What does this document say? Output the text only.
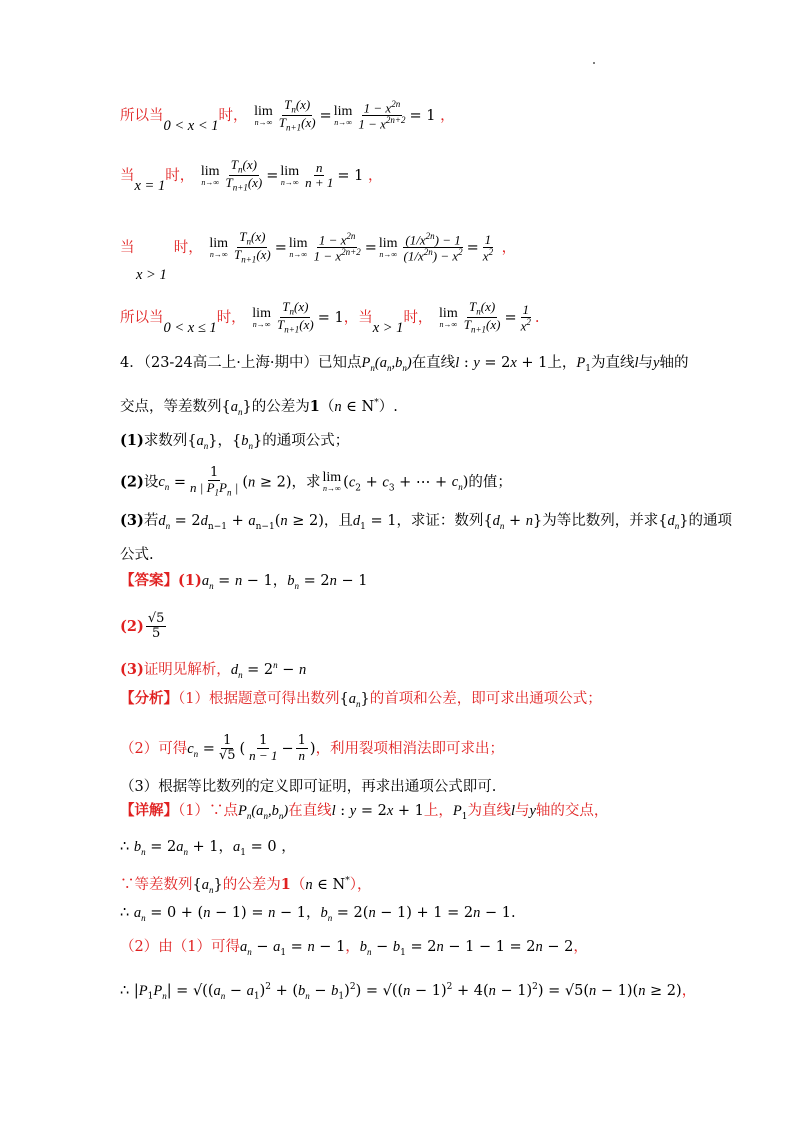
所以当0 < x < 1时， lim
$n\to\infty \frac{T_n(x)}{T_{n+1}(x)} = \lim$
$n\to\infty \frac{1 - x^{2n}}{1 - x^{2n+2}} = 1$ ，
当x = 1时， lim
$n\to\infty \frac{T_n(x)}{T_{n+1}(x)} = \lim$
$n\to\infty \frac{n}{n + 1} = 1$ ，
当	时， lim
$n\to\infty \frac{T_n(x)}{T_{n+1}(x)} = \lim$
$n\to\infty \frac{1 - x^{2n}}{1 - x^{2n+2}} = \lim$
$n\to\infty \frac{(1/x^{2n}) - 1}{(1/x^{2n}) - x^2} = \frac{1}{x^2}$ ，
x > 1
所以当0 < x ≤ 1时， lim
$n\to\infty \frac{T_n(x)}{T_{n+1}(x)} = 1$，当x > 1时， lim
$n\to\infty \frac{T_n(x)}{T_{n+1}(x)} = \frac{1}{x^2}$ .
4．（23-24高二上·上海·期中）已知点$P_n(a_n,b_n)$在直线l : y = 2x + 1上，$P_1$为直线l与y轴的
交点，等差数列$\{a_n\}$的公差为1（n ∈ N*）.
(1)求数列$\{a_n\}$，$\{b_n\}$的通项公式；
(2)设$c_n = \frac{1}{n | P_1P_n |} (n \ge 2)$，求 lim
n→∞ ($c_2 + c_3$ + ⋯ + $c_n$)的值；
(3)若$d_n = 2d_{n-1} + a_{n-1}(n \ge 2)$，且$d_1 = 1$，求证：数列$\{d_n + n\}$为等比数列，并求$\{d_n\}$的通项
公式.
【答案】$(1)a_n = n - 1$，$b_n = 2n - 1$
$(2) \frac{√5}{5}$
(3)证明见解析，$d_n = 2^n - n$
【分析】（1）根据题意可得出数列$\{a_n\}$的首项和公差，即可求出通项公式；
（2）可得$c_n = \frac{1}{√5}$ ( $\frac{1}{n - 1} - \frac{1}{n}$ )，利用裂项相消法即可求出；
（3）根据等比数列的定义即可证明，再求出通项公式即可.
【详解】（1）∵点$P_n(a_n,b_n)$在直线l : y = 2x + 1上，$P_1$为直线l与y轴的交点，
∴ $b_n = 2a_n + 1$，$a_1 = 0$ ，
∵等差数列$\{a_n\}$的公差为1（n ∈ N*），
∴ $a_n = 0 + (n - 1) = n - 1$，$b_n = 2(n - 1) + 1 = 2n - 1$.
（2）由（1）可得$a_n - a_1 = n - 1$，$b_n - b_1 = 2n - 1 - 1 = 2n - 2$，
∴ $|P_1P_n| = √((a_n - a_1)^2 + (b_n - b_1)^2) = √((n - 1)^2 + 4(n - 1)^2) = √5(n - 1)(n \ge 2)$，
